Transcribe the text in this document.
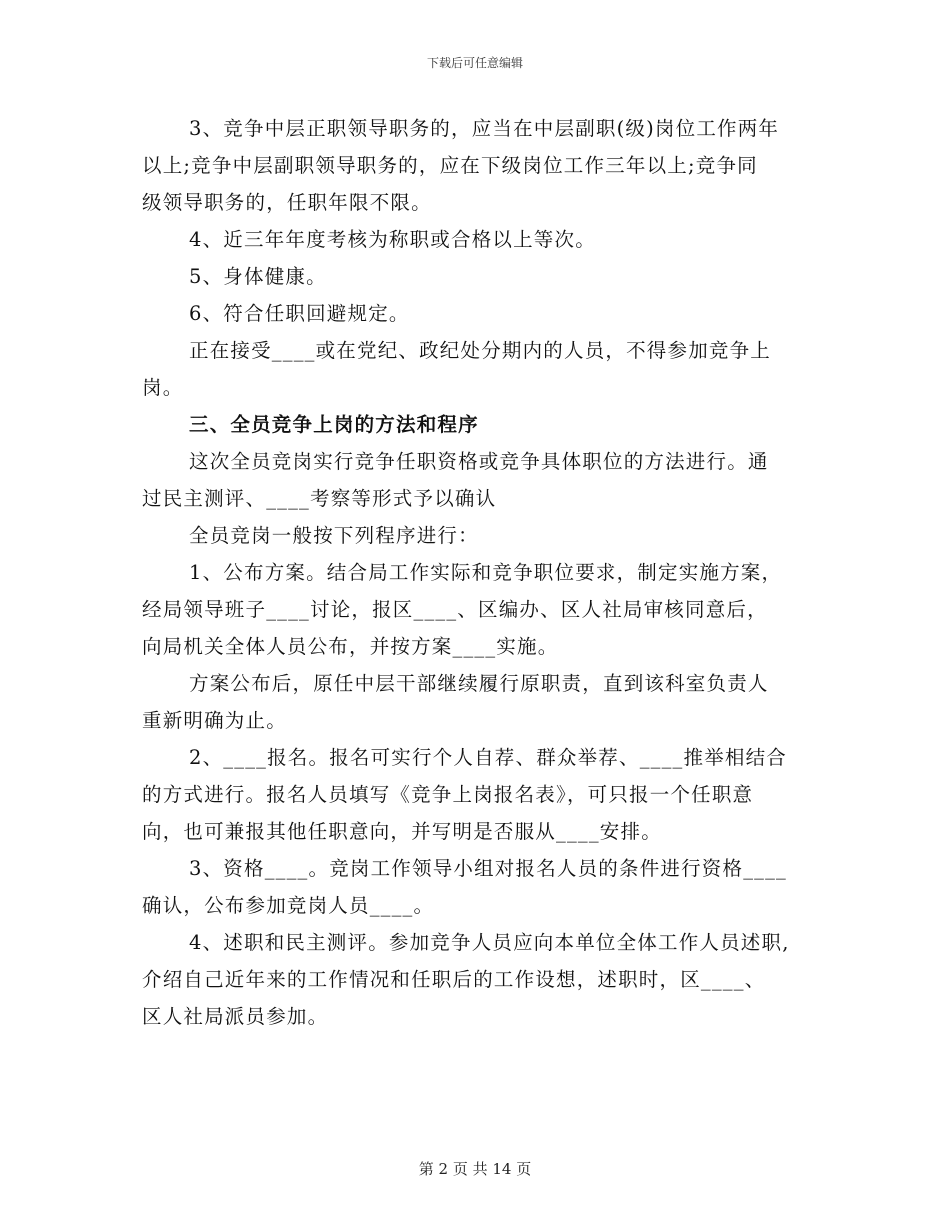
下载后可任意编辑

3、竞争中层正职领导职务的，应当在中层副职(级)岗位工作两年
以上;竞争中层副职领导职务的，应在下级岗位工作三年以上;竞争同
级领导职务的，任职年限不限。

4、近三年年度考核为称职或合格以上等次。

5、身体健康。

6、符合任职回避规定。

正在接受____或在党纪、政纪处分期内的人员，不得参加竞争上
岗。

三、全员竞争上岗的方法和程序

这次全员竞岗实行竞争任职资格或竞争具体职位的方法进行。通
过民主测评、____考察等形式予以确认

全员竞岗一般按下列程序进行：

1、公布方案。结合局工作实际和竞争职位要求，制定实施方案，
经局领导班子____讨论，报区____、区编办、区人社局审核同意后，
向局机关全体人员公布，并按方案____实施。

方案公布后，原任中层干部继续履行原职责，直到该科室负责人
重新明确为止。

2、____报名。报名可实行个人自荐、群众举荐、____推举相结合
的方式进行。报名人员填写《竞争上岗报名表》，可只报一个任职意
向，也可兼报其他任职意向，并写明是否服从____安排。

3、资格____。竞岗工作领导小组对报名人员的条件进行资格____
确认，公布参加竞岗人员____。

4、述职和民主测评。参加竞争人员应向本单位全体工作人员述职,
介绍自己近年来的工作情况和任职后的工作设想，述职时，区____、
区人社局派员参加。

第 2 页 共 14 页
